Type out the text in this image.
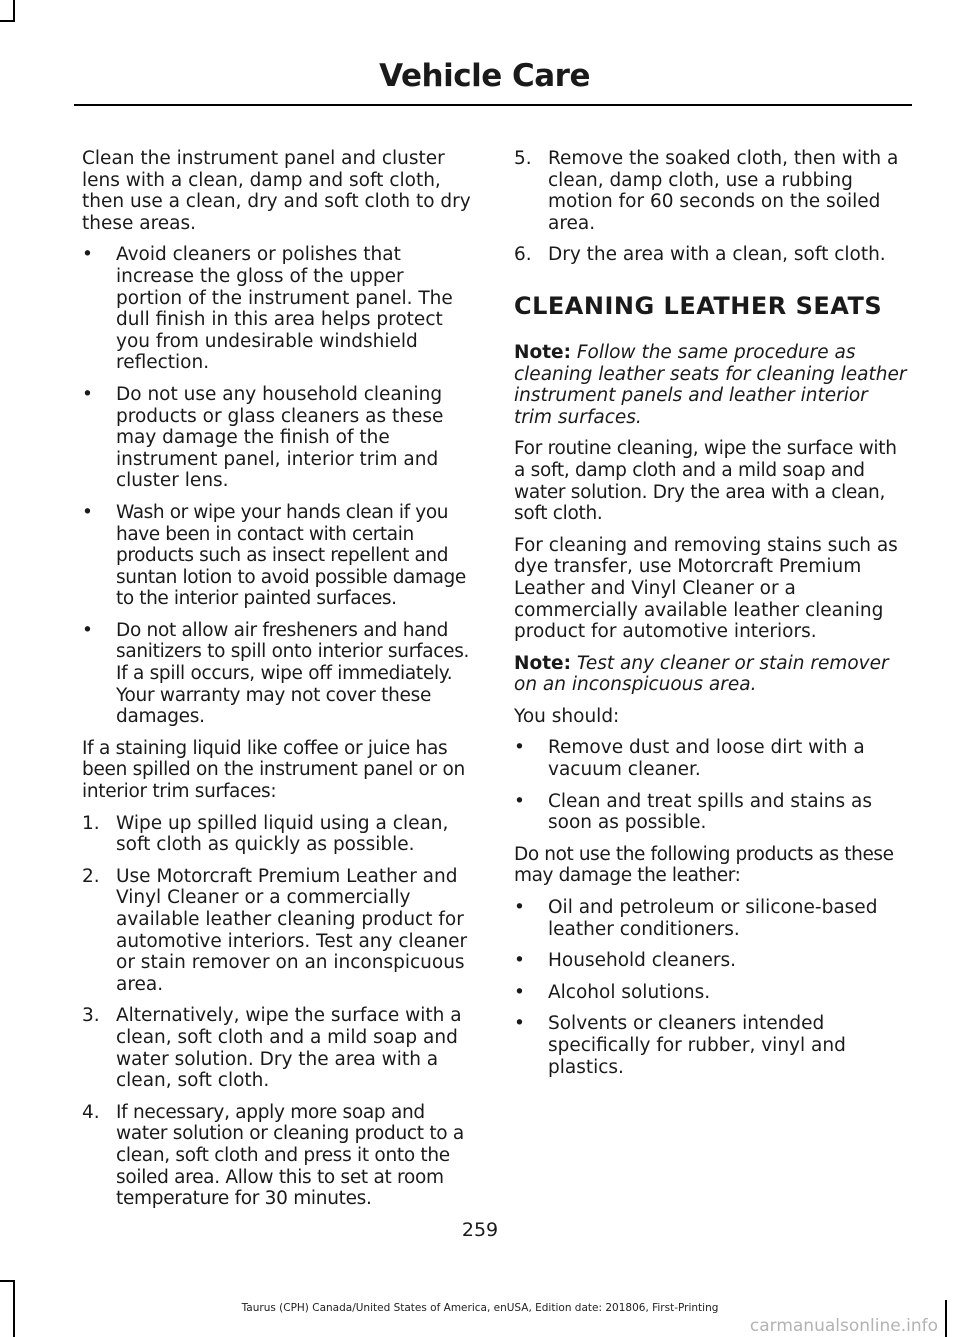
Vehicle Care

Clean the instrument panel and cluster lens with a clean, damp and soft cloth, then use a clean, dry and soft cloth to dry these areas.

•	Avoid cleaners or polishes that increase the gloss of the upper portion of the instrument panel. The dull finish in this area helps protect you from undesirable windshield reflection.
•	Do not use any household cleaning products or glass cleaners as these may damage the finish of the instrument panel, interior trim and cluster lens.
•	Wash or wipe your hands clean if you have been in contact with certain products such as insect repellent and suntan lotion to avoid possible damage to the interior painted surfaces.
•	Do not allow air fresheners and hand sanitizers to spill onto interior surfaces. If a spill occurs, wipe off immediately. Your warranty may not cover these damages.

If a staining liquid like coffee or juice has been spilled on the instrument panel or on interior trim surfaces:

1. Wipe up spilled liquid using a clean, soft cloth as quickly as possible.
2. Use Motorcraft Premium Leather and Vinyl Cleaner or a commercially available leather cleaning product for automotive interiors. Test any cleaner or stain remover on an inconspicuous area.
3. Alternatively, wipe the surface with a clean, soft cloth and a mild soap and water solution. Dry the area with a clean, soft cloth.
4. If necessary, apply more soap and water solution or cleaning product to a clean, soft cloth and press it onto the soiled area. Allow this to set at room temperature for 30 minutes.
5. Remove the soaked cloth, then with a clean, damp cloth, use a rubbing motion for 60 seconds on the soiled area.
6. Dry the area with a clean, soft cloth.
CLEANING LEATHER SEATS

Note: Follow the same procedure as cleaning leather seats for cleaning leather instrument panels and leather interior trim surfaces.

For routine cleaning, wipe the surface with a soft, damp cloth and a mild soap and water solution. Dry the area with a clean, soft cloth.

For cleaning and removing stains such as dye transfer, use Motorcraft Premium Leather and Vinyl Cleaner or a commercially available leather cleaning product for automotive interiors.

Note: Test any cleaner or stain remover on an inconspicuous area.

You should:

•	Remove dust and loose dirt with a vacuum cleaner.
•	Clean and treat spills and stains as soon as possible.

Do not use the following products as these may damage the leather:

•	Oil and petroleum or silicone-based leather conditioners.
•	Household cleaners.
•	Alcohol solutions.
•	Solvents or cleaners intended specifically for rubber, vinyl and plastics.
259
Taurus (CPH) Canada/United States of America, enUSA, Edition date: 201806, First-Printing
carmanualsonline.info
